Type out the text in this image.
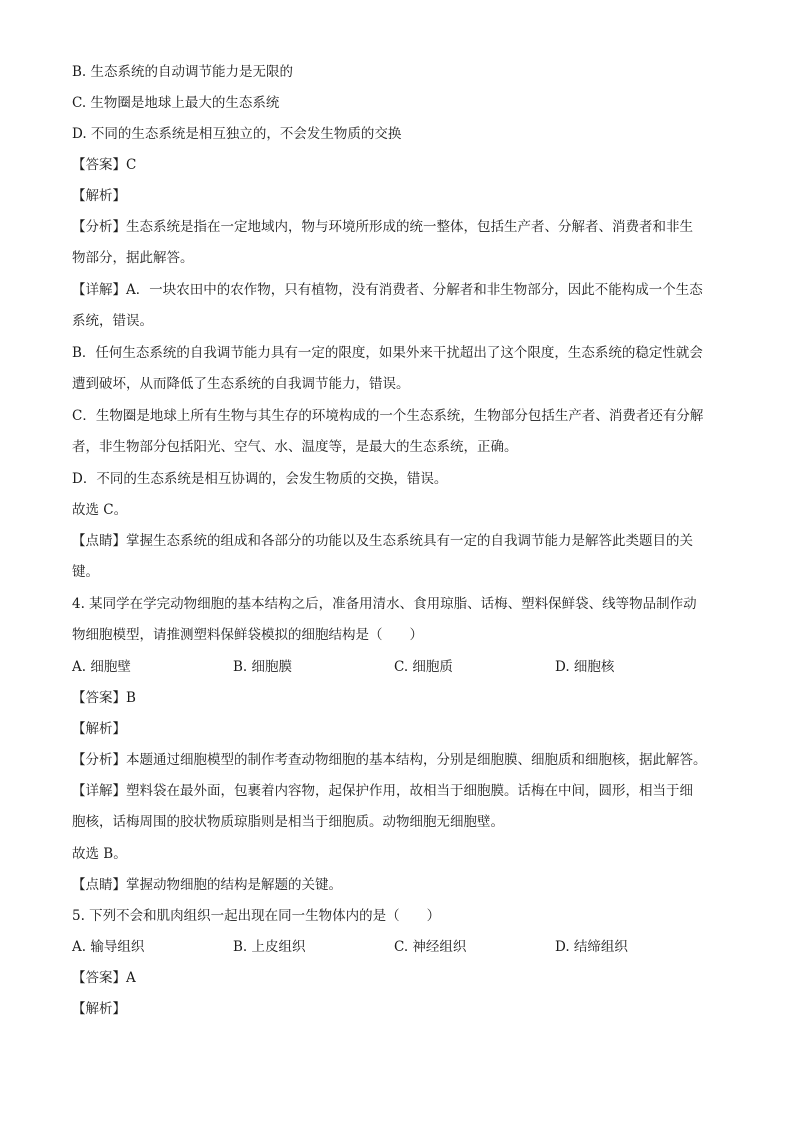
B. 生态系统的自动调节能力是无限的
C. 生物圈是地球上最大的生态系统
D. 不同的生态系统是相互独立的，不会发生物质的交换
【答案】C
【解析】
【分析】生态系统是指在一定地域内，物与环境所形成的统一整体，包括生产者、分解者、消费者和非生
物部分，据此解答。
【详解】A．一块农田中的农作物，只有植物，没有消费者、分解者和非生物部分，因此不能构成一个生态
系统，错误。
B．任何生态系统的自我调节能力具有一定的限度，如果外来干扰超出了这个限度，生态系统的稳定性就会
遭到破坏，从而降低了生态系统的自我调节能力，错误。
C．生物圈是地球上所有生物与其生存的环境构成的一个生态系统，生物部分包括生产者、消费者还有分解
者，非生物部分包括阳光、空气、水、温度等，是最大的生态系统，正确。
D．不同的生态系统是相互协调的，会发生物质的交换，错误。
故选 C。
【点睛】掌握生态系统的组成和各部分的功能以及生态系统具有一定的自我调节能力是解答此类题目的关
键。
4. 某同学在学完动物细胞的基本结构之后，准备用清水、食用琼脂、话梅、塑料保鲜袋、线等物品制作动
物细胞模型，请推测塑料保鲜袋模拟的细胞结构是（　　）
A. 细胞壁	B. 细胞膜	C. 细胞质	D. 细胞核
【答案】B
【解析】
【分析】本题通过细胞模型的制作考查动物细胞的基本结构，分别是细胞膜、细胞质和细胞核，据此解答。
【详解】塑料袋在最外面，包裹着内容物，起保护作用，故相当于细胞膜。话梅在中间，圆形，相当于细
胞核，话梅周围的胶状物质琼脂则是相当于细胞质。动物细胞无细胞壁。
故选 B。
【点睛】掌握动物细胞的结构是解题的关键。
5. 下列不会和肌肉组织一起出现在同一生物体内的是（　　）
A. 输导组织	B. 上皮组织	C. 神经组织	D. 结缔组织
【答案】A
【解析】
